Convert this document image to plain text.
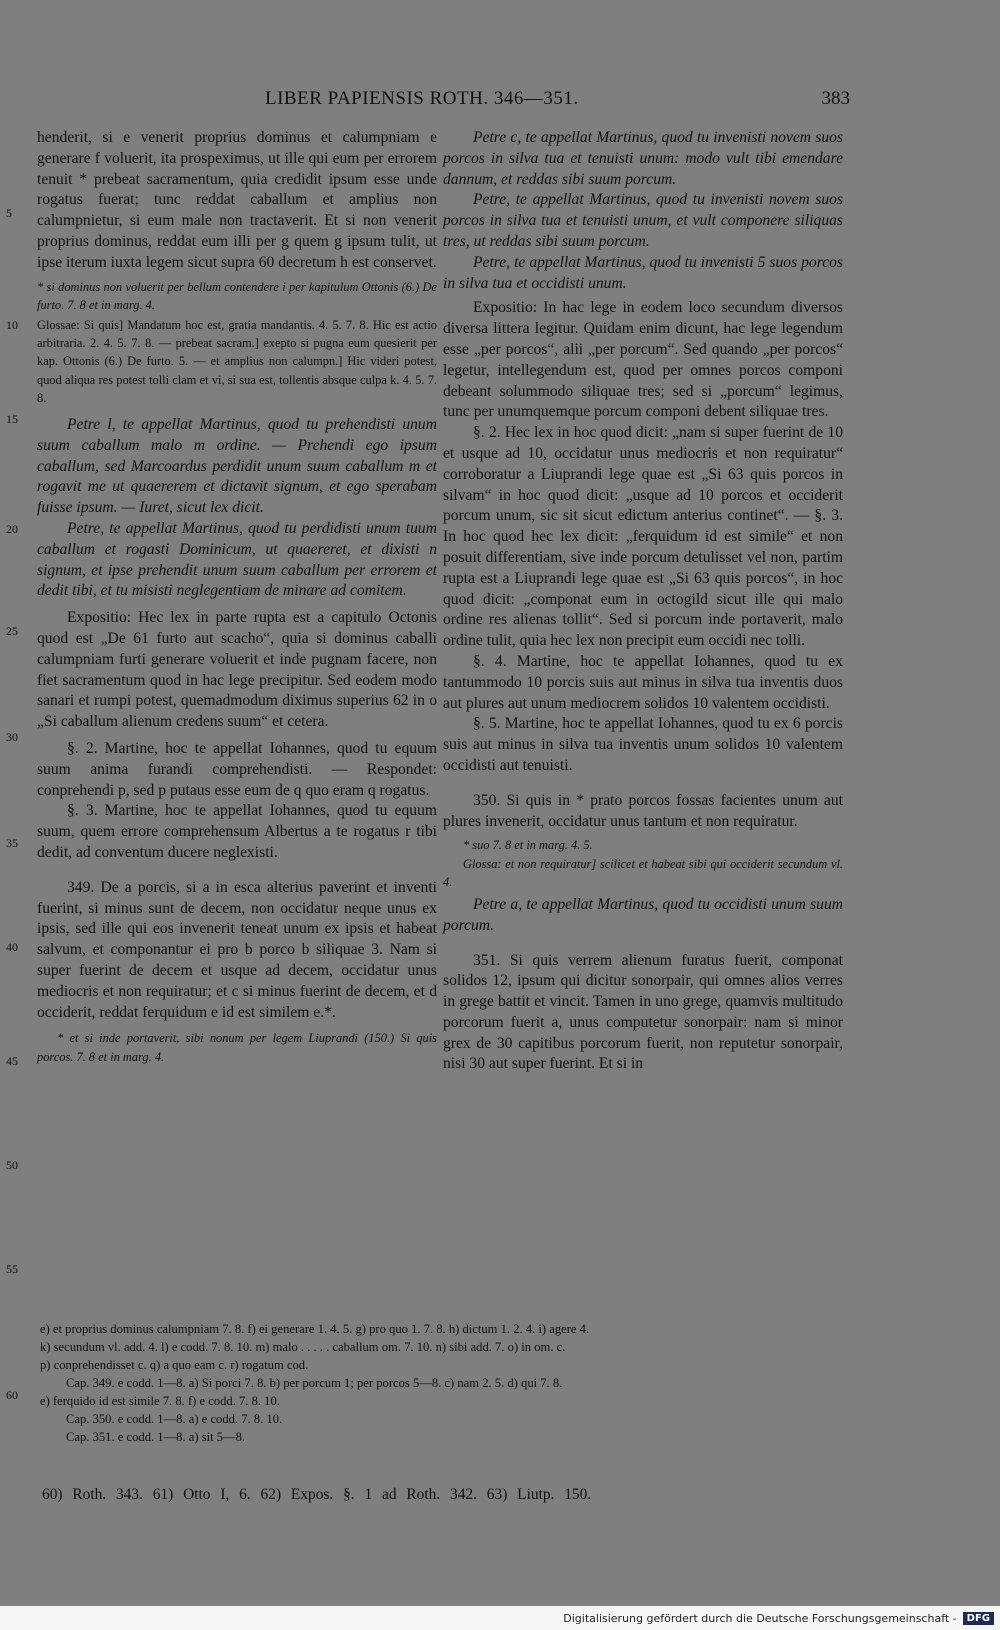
LIBER PAPIENSIS ROTH. 346—351.	383
5
10
15
20
25
30
35
40
45
50
55
60

henderit, si e venerit proprius dominus et calumpniam e generare f voluerit, ita prospeximus, ut ille qui eum per errorem tenuit * prebeat sacramentum, quia credidit ipsum esse unde rogatus fuerat; tunc reddat caballum et amplius non calumpnietur, si eum male non tractaverit. Et si non venerit proprius dominus, reddat eum illi per g quem g ipsum tulit, ut ipse iterum iuxta legem sicut supra 60 decretum h est conservet.

* si dominus non voluerit per bellum contendere i per kapitulum Ottonis (6.) De furto. 7. 8 et in marg. 4.

Glossae: Si quis] Mandatum hoc est, gratia mandantis. 4. 5. 7. 8. Hic est actio arbitraria. 2. 4. 5. 7. 8. — prebeat sacram.] exepto si pugna eum quesierit per kap. Ottonis (6.) De furto. 5. — et amplius non calumpn.] Hic videri potest, quod aliqua res potest tolli clam et vi, si sua est, tollentis absque culpa k. 4. 5. 7. 8.

Petre l, te appellat Martinus, quod tu prehendisti unum suum caballum malo m ordine. — Prehendi ego ipsum caballum, sed Marcoardus perdidit unum suum caballum m et rogavit me ut quaererem et dictavit signum, et ego sperabam fuisse ipsum. — Iuret, sicut lex dicit.

Petre, te appellat Martinus, quod tu perdidisti unum tuum caballum et rogasti Dominicum, ut quaereret, et dixisti n signum, et ipse prehendit unum suum caballum per errorem et dedit tibi, et tu misisti neglegentiam de minare ad comitem.

Expositio: Hec lex in parte rupta est a capitulo Octonis quod est „De 61 furto aut scacho“, quia si dominus caballi calumpniam furti generare voluerit et inde pugnam facere, non fiet sacramentum quod in hac lege precipitur. Sed eodem modo sanari et rumpi potest, quemadmodum diximus superius 62 in o „Si caballum alienum credens suum“ et cetera.

§. 2. Martine, hoc te appellat Iohannes, quod tu equum suum anima furandi comprehendisti. — Respondet: conprehendi p, sed p putaus esse eum de q quo eram q rogatus.

§. 3. Martine, hoc te appellat Iohannes, quod tu equum suum, quem errore comprehensum Albertus a te rogatus r tibi dedit, ad conventum ducere neglexisti.

349. De a porcis, si a in esca alterius paverint et inventi fuerint, si minus sunt de decem, non occidatur neque unus ex ipsis, sed ille qui eos invenerit teneat unum ex ipsis et habeat salvum, et componantur ei pro b porco b siliquae 3. Nam si super fuerint de decem et usque ad decem, occidatur unus mediocris et non requiratur; et c si minus fuerint de decem, et d occiderit, reddat ferquidum e id est similem e.*.

* et si inde portaverit, sibi nonum per legem Liuprandi (150.) Si quis porcos. 7. 8 et in marg. 4.

Petre c, te appellat Martinus, quod tu invenisti novem suos porcos in silva tua et tenuisti unum: modo vult tibi emendare dannum, et reddas sibi suum porcum.

Petre, te appellat Martinus, quod tu invenisti novem suos porcos in silva tua et tenuisti unum, et vult componere siliquas tres, ut reddas sibi suum porcum.

Petre, te appellat Martinus, quod tu invenisti 5 suos porcos in silva tua et occidisti unum.

Expositio: In hac lege in eodem loco secundum diversos diversa littera legitur. Quidam enim dicunt, hac lege legendum esse „per porcos“, alii „per porcum“. Sed quando „per porcos“ legetur, intellegendum est, quod per omnes porcos componi debeant solummodo siliquae tres; sed si „porcum“ legimus, tunc per unumquemque porcum componi debent siliquae tres.

§. 2. Hec lex in hoc quod dicit: „nam si super fuerint de 10 et usque ad 10, occidatur unus mediocris et non requiratur“ corroboratur a Liuprandi lege quae est „Si 63 quis porcos in silvam“ in hoc quod dicit: „usque ad 10 porcos et occiderit porcum unum, sic sit sicut edictum anterius continet“. — §. 3. In hoc quod hec lex dicit: „ferquidum id est simile“ et non posuit differentiam, sive inde porcum detulisset vel non, partim rupta est a Liuprandi lege quae est „Si 63 quis porcos“, in hoc quod dicit: „componat eum in octogild sicut ille qui malo ordine res alienas tollit“. Sed si porcum inde portaverit, malo ordine tulit, quia hec lex non precipit eum occidi nec tolli.

§. 4. Martine, hoc te appellat Iohannes, quod tu ex tantummodo 10 porcis suis aut minus in silva tua inventis duos aut plures aut unum mediocrem solidos 10 valentem occidisti.

§. 5. Martine, hoc te appellat Iohannes, quod tu ex 6 porcis suis aut minus in silva tua inventis unum solidos 10 valentem occidisti aut tenuisti.

350. Si quis in * prato porcos fossas facientes unum aut plures invenerit, occidatur unus tantum et non requiratur.

* suo 7. 8 et in marg. 4. 5.

Glossa: et non requiratur] scilicet et habeat sibi qui occiderit secundum vl. 4.

Petre a, te appellat Martinus, quod tu occidisti unum suum porcum.

351. Si quis verrem alienum furatus fuerit, componat solidos 12, ipsum qui dicitur sonorpair, qui omnes alios verres in grege battit et vincit. Tamen in uno grege, quamvis multitudo porcorum fuerit a, unus computetur sonorpair: nam si minor grex de 30 capitibus porcorum fuerit, non reputetur sonorpair, nisi 30 aut super fuerint. Et si in

e) et proprius dominus calumpniam 7. 8. f) ei generare 1. 4. 5. g) pro quo 1. 7. 8. h) dictum 1. 2. 4. i) agere 4.

k) secundum vl. add. 4. l) e codd. 7. 8. 10. m) malo . . . . . caballum om. 7. 10. n) sibi add. 7. o) in om. c.

p) conprehendisset c. q) a quo eam c. r) rogatum cod.

Cap. 349. e codd. 1—8. a) Si porci 7. 8. b) per porcum 1; per porcos 5—8. c) nam 2. 5. d) qui 7. 8.

e) ferquido id est simile 7. 8. f) e codd. 7. 8. 10.

Cap. 350. e codd. 1—8. a) e codd. 7. 8. 10.

Cap. 351. e codd. 1—8. a) sit 5—8.

60) Roth. 343. 61) Otto I, 6. 62) Expos. §. 1 ad Roth. 342. 63) Liutp. 150.
Digitalisierung gefördert durch die Deutsche Forschungsgemeinschaft -	DFG
